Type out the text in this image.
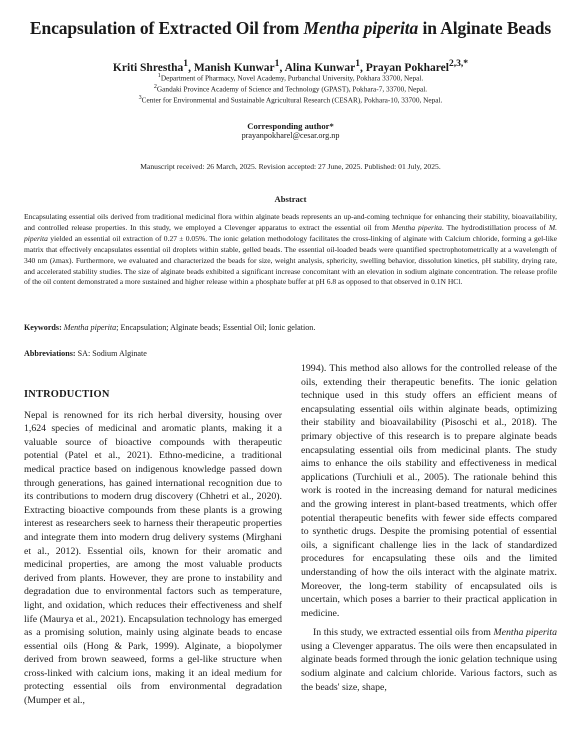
Encapsulation of Extracted Oil from Mentha piperita in Alginate Beads
Kriti Shrestha$^1$, Manish Kunwar$^1$, Alina Kunwar$^1$, Prayan Pokharel$^{2,3,*}$
$^1$Department of Pharmacy, Novel Academy, Purbanchal University, Pokhara 33700, Nepal.
$^2$Gandaki Province Academy of Science and Technology (GPAST), Pokhara-7, 33700, Nepal.
$^3$Center for Environmental and Sustainable Agricultural Research (CESAR), Pokhara-10, 33700, Nepal.
Corresponding author*
prayanpokharel@cesar.org.np
Manuscript received: 26 March, 2025. Revision accepted: 27 June, 2025. Published: 01 July, 2025.
Abstract
Encapsulating essential oils derived from traditional medicinal flora within alginate beads represents an up-and-coming technique for enhancing their stability, bioavailability, and controlled release properties. In this study, we employed a Clevenger apparatus to extract the essential oil from Mentha piperita. The hydrodistillation process of M. piperita yielded an essential oil extraction of 0.27 ± 0.05%. The ionic gelation methodology facilitates the cross-linking of alginate with Calcium chloride, forming a gel-like matrix that effectively encapsulates essential oil droplets within stable, gelled beads. The essential oil-loaded beads were quantified spectrophotometrically at a wavelength of 340 nm (λmax). Furthermore, we evaluated and characterized the beads for size, weight analysis, sphericity, swelling behavior, dissolution kinetics, pH stability, drying rate, and accelerated stability studies. The size of alginate beads exhibited a significant increase concomitant with an elevation in sodium alginate concentration. The release profile of the oil content demonstrated a more sustained and higher release within a phosphate buffer at pH 6.8 as opposed to that observed in 0.1N HCl.
Keywords: Mentha piperita; Encapsulation; Alginate beads; Essential Oil; Ionic gelation.
Abbreviations: SA: Sodium Alginate
INTRODUCTION

Nepal is renowned for its rich herbal diversity, housing over 1,624 species of medicinal and aromatic plants, making it a valuable source of bioactive compounds with therapeutic potential (Patel et al., 2021). Ethno-medicine, a traditional medical practice based on indigenous knowledge passed down through generations, has gained international recognition due to its contributions to modern drug discovery (Chhetri et al., 2020). Extracting bioactive compounds from these plants is a growing interest as researchers seek to harness their therapeutic properties and integrate them into modern drug delivery systems (Mirghani et al., 2012). Essential oils, known for their aromatic and medicinal properties, are among the most valuable products derived from plants. However, they are prone to instability and degradation due to environmental factors such as temperature, light, and oxidation, which reduces their effectiveness and shelf life (Maurya et al., 2021). Encapsulation technology has emerged as a promising solution, mainly using alginate beads to encase essential oils (Hong & Park, 1999). Alginate, a biopolymer derived from brown seaweed, forms a gel-like structure when cross-linked with calcium ions, making it an ideal medium for protecting essential oils from environmental degradation (Mumper et al.,

1994). This method also allows for the controlled release of the oils, extending their therapeutic benefits. The ionic gelation technique used in this study offers an efficient means of encapsulating essential oils within alginate beads, optimizing their stability and bioavailability (Pisoschi et al., 2018). The primary objective of this research is to prepare alginate beads encapsulating essential oils from medicinal plants. The study aims to enhance the oils stability and effectiveness in medical applications (Turchiuli et al., 2005). The rationale behind this work is rooted in the increasing demand for natural medicines and the growing interest in plant-based treatments, which offer potential therapeutic benefits with fewer side effects compared to synthetic drugs. Despite the promising potential of essential oils, a significant challenge lies in the lack of standardized procedures for encapsulating these oils and the limited understanding of how the oils interact with the alginate matrix. Moreover, the long-term stability of encapsulated oils is uncertain, which poses a barrier to their practical application in medicine.

In this study, we extracted essential oils from Mentha piperita using a Clevenger apparatus. The oils were then encapsulated in alginate beads formed through the ionic gelation technique using sodium alginate and calcium chloride. Various factors, such as the beads' size, shape,
